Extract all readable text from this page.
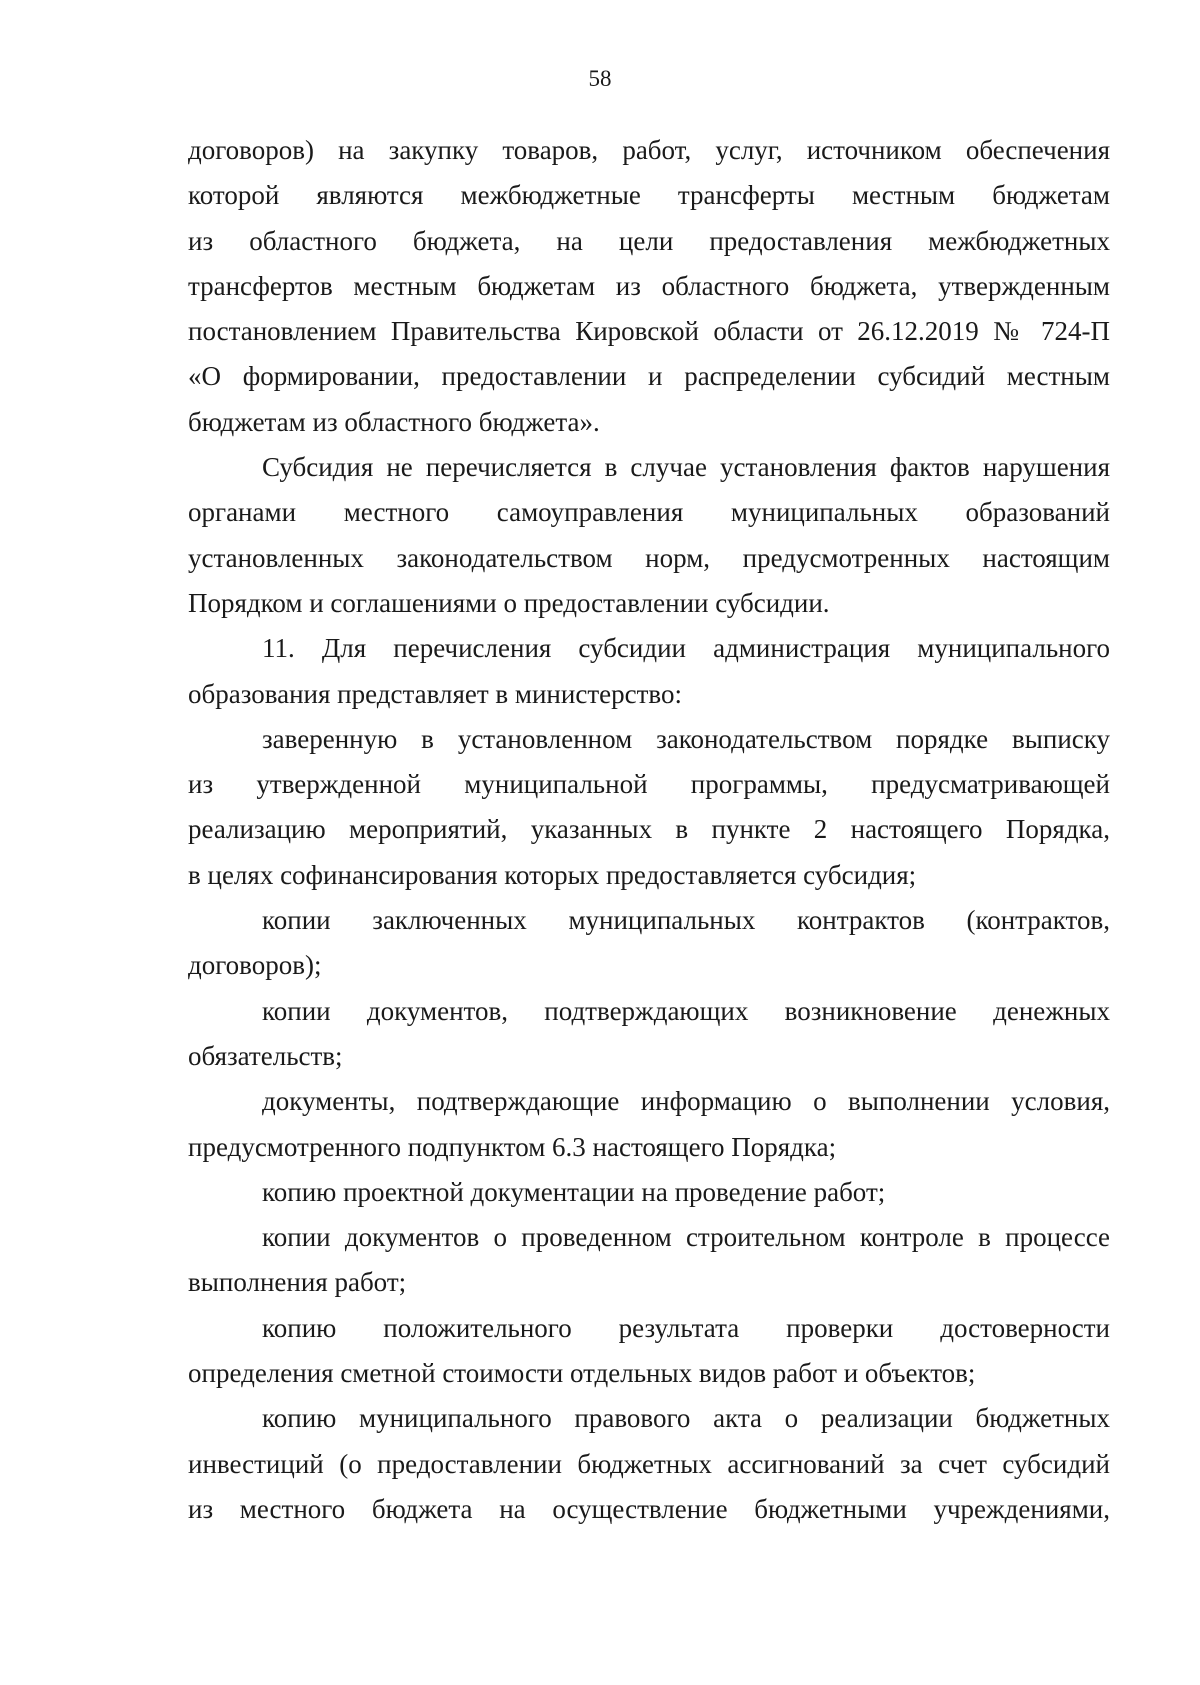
58
договоров) на закупку товаров, работ, услуг, источником обеспечения
которой являются межбюджетные трансферты местным бюджетам
из областного бюджета, на цели предоставления межбюджетных
трансфертов местным бюджетам из областного бюджета, утвержденным
постановлением Правительства Кировской области от 26.12.2019 № 724-П
«О формировании, предоставлении и распределении субсидий местным
бюджетам из областного бюджета».
Субсидия не перечисляется в случае установления фактов нарушения
органами местного самоуправления муниципальных образований
установленных законодательством норм, предусмотренных настоящим
Порядком и соглашениями о предоставлении субсидии.
11. Для перечисления субсидии администрация муниципального
образования представляет в министерство:
заверенную в установленном законодательством порядке выписку
из утвержденной муниципальной программы, предусматривающей
реализацию мероприятий, указанных в пункте 2 настоящего Порядка,
в целях софинансирования которых предоставляется субсидия;
копии заключенных муниципальных контрактов (контрактов,
договоров);
копии документов, подтверждающих возникновение денежных
обязательств;
документы, подтверждающие информацию о выполнении условия,
предусмотренного подпунктом 6.3 настоящего Порядка;
копию проектной документации на проведение работ;
копии документов о проведенном строительном контроле в процессе
выполнения работ;
копию положительного результата проверки достоверности
определения сметной стоимости отдельных видов работ и объектов;
копию муниципального правового акта о реализации бюджетных
инвестиций (о предоставлении бюджетных ассигнований за счет субсидий
из местного бюджета на осуществление бюджетными учреждениями,
